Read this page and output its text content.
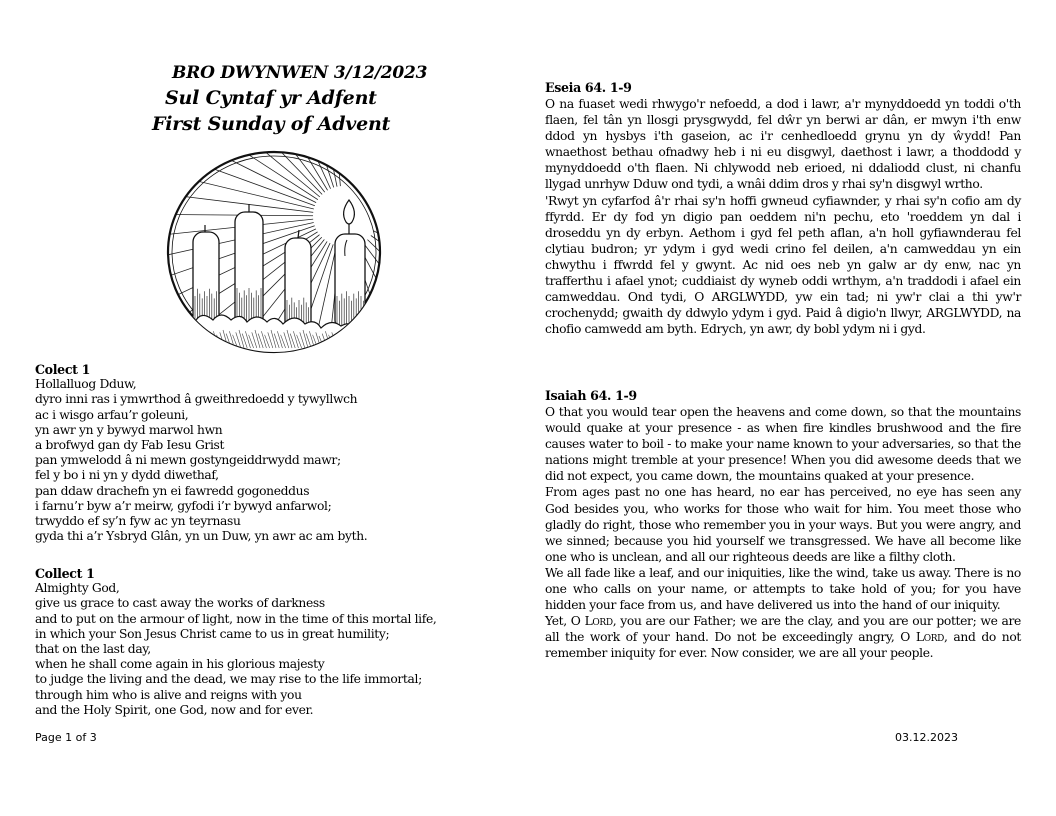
BRO DWYNWEN 3/12/2023
Sul Cyntaf yr Adfent
First Sunday of Advent
Colect 1
Hollalluog Dduw,
dyro inni ras i ymwrthod â gweithredoedd y tywyllwch
ac i wisgo arfau’r goleuni,
yn awr yn y bywyd marwol hwn
a brofwyd gan dy Fab Iesu Grist
pan ymwelodd â ni mewn gostyngeiddrwydd mawr;
fel y bo i ni yn y dydd diwethaf,
pan ddaw drachefn yn ei fawredd gogoneddus
i farnu’r byw a’r meirw, gyfodi i’r bywyd anfarwol;
trwyddo ef sy’n fyw ac yn teyrnasu
gyda thi a’r Ysbryd Glân, yn un Duw, yn awr ac am byth.
Collect 1
Almighty God,
give us grace to cast away the works of darkness
and to put on the armour of light, now in the time of this mortal life,
in which your Son Jesus Christ came to us in great humility;
that on the last day,
when he shall come again in his glorious majesty
to judge the living and the dead, we may rise to the life immortal;
through him who is alive and reigns with you
and the Holy Spirit, one God, now and for ever.
Page 1 of 3
Eseia 64. 1-9

O na fuaset wedi rhwygo'r nefoedd, a dod i lawr, a'r mynyddoedd yn toddi o'th flaen, fel tân yn llosgi prysgwydd, fel dŵr yn berwi ar dân, er mwyn i'th enw ddod yn hysbys i'th gaseion, ac i'r cenhedloedd grynu yn dy ŵydd! Pan wnaethost bethau ofnadwy heb i ni eu disgwyl, daethost i lawr, a thoddodd y mynyddoedd o'th flaen. Ni chlywodd neb erioed, ni ddaliodd clust, ni chanfu llygad unrhyw Dduw ond tydi, a wnâi ddim dros y rhai sy'n disgwyl wrtho.

'Rwyt yn cyfarfod â'r rhai sy'n hoffi gwneud cyfiawnder, y rhai sy'n cofio am dy ffyrdd. Er dy fod yn digio pan oeddem ni'n pechu, eto 'roeddem yn dal i droseddu yn dy erbyn. Aethom i gyd fel peth aflan, a'n holl gyfiawnderau fel clytiau budron; yr ydym i gyd wedi crino fel deilen, a'n camweddau yn ein chwythu i ffwrdd fel y gwynt. Ac nid oes neb yn galw ar dy enw, nac yn trafferthu i afael ynot; cuddiaist dy wyneb oddi wrthym, a'n traddodi i afael ein camweddau. Ond tydi, O ARGLWYDD, yw ein tad; ni yw'r clai a thi yw'r crochenydd; gwaith dy ddwylo ydym i gyd. Paid â digio'n llwyr, ARGLWYDD, na chofio camwedd am byth. Edrych, yn awr, dy bobl ydym ni i gyd.

Isaiah 64. 1-9

O that you would tear open the heavens and come down, so that the mountains would quake at your presence - as when fire kindles brushwood and the fire causes water to boil - to make your name known to your adversaries, so that the nations might tremble at your presence! When you did awesome deeds that we did not expect, you came down, the mountains quaked at your presence.

From ages past no one has heard, no ear has perceived, no eye has seen any God besides you, who works for those who wait for him. You meet those who gladly do right, those who remember you in your ways. But you were angry, and we sinned; because you hid yourself we transgressed. We have all become like one who is unclean, and all our righteous deeds are like a filthy cloth.

We all fade like a leaf, and our iniquities, like the wind, take us away. There is no one who calls on your name, or attempts to take hold of you; for you have hidden your face from us, and have delivered us into the hand of our iniquity.

Yet, O Lord, you are our Father; we are the clay, and you are our potter; we are all the work of your hand. Do not be exceedingly angry, O Lord, and do not remember iniquity for ever. Now consider, we are all your people.

03.12.2023
